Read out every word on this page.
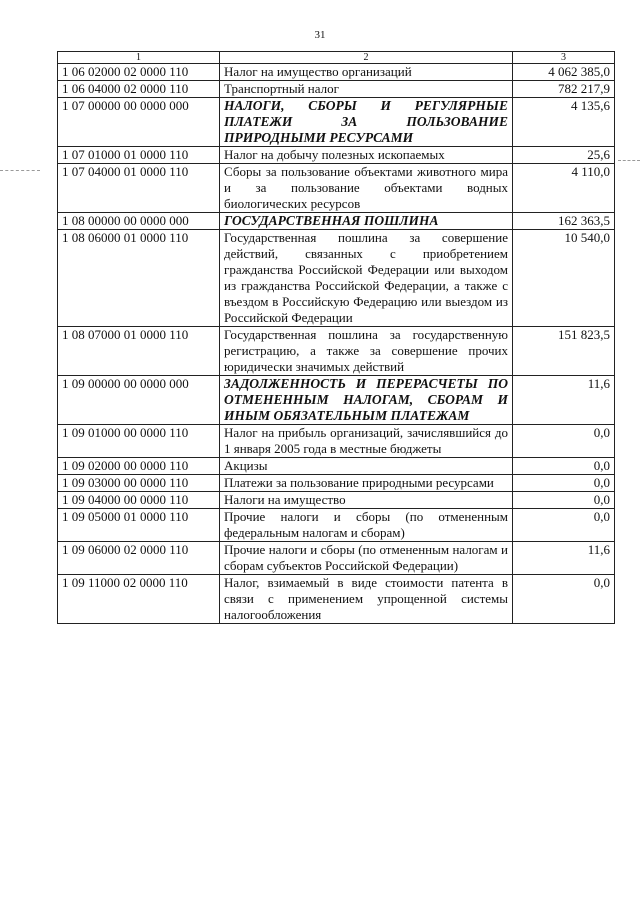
31
1	2	3
1 06 02000 02 0000 110	Налог на имущество организаций	4 062 385,0
1 06 04000 02 0000 110	Транспортный налог	782 217,9
1 07 00000 00 0000 000	НАЛОГИ, СБОРЫ И РЕГУЛЯРНЫЕ ПЛАТЕЖИ ЗА ПОЛЬЗОВАНИЕ ПРИРОДНЫМИ РЕСУРСАМИ	4 135,6
1 07 01000 01 0000 110	Налог на добычу полезных ископаемых	25,6
1 07 04000 01 0000 110	Сборы за пользование объектами животного мира и за пользование объектами водных биологических ресурсов	4 110,0
1 08 00000 00 0000 000	ГОСУДАРСТВЕННАЯ ПОШЛИНА	162 363,5
1 08 06000 01 0000 110	Государственная пошлина за совершение действий, связанных с приобретением гражданства Российской Федерации или выходом из гражданства Российской Федерации, а также с въездом в Российскую Федерацию или выездом из Российской Федерации	10 540,0
1 08 07000 01 0000 110	Государственная пошлина за государственную регистрацию, а также за совершение прочих юридически значимых действий	151 823,5
1 09 00000 00 0000 000	ЗАДОЛЖЕННОСТЬ И ПЕРЕРАСЧЕТЫ ПО ОТМЕНЕННЫМ НАЛОГАМ, СБОРАМ И ИНЫМ ОБЯЗАТЕЛЬНЫМ ПЛАТЕЖАМ	11,6
1 09 01000 00 0000 110	Налог на прибыль организаций, зачислявшийся до 1 января 2005 года в местные бюджеты	0,0
1 09 02000 00 0000 110	Акцизы	0,0
1 09 03000 00 0000 110	Платежи за пользование природными ресурсами	0,0
1 09 04000 00 0000 110	Налоги на имущество	0,0
1 09 05000 01 0000 110	Прочие налоги и сборы (по отмененным федеральным налогам и сборам)	0,0
1 09 06000 02 0000 110	Прочие налоги и сборы (по отмененным налогам и сборам субъектов Российской Федерации)	11,6
1 09 11000 02 0000 110	Налог, взимаемый в виде стоимости патента в связи с применением упрощенной системы налогообложения	0,0
